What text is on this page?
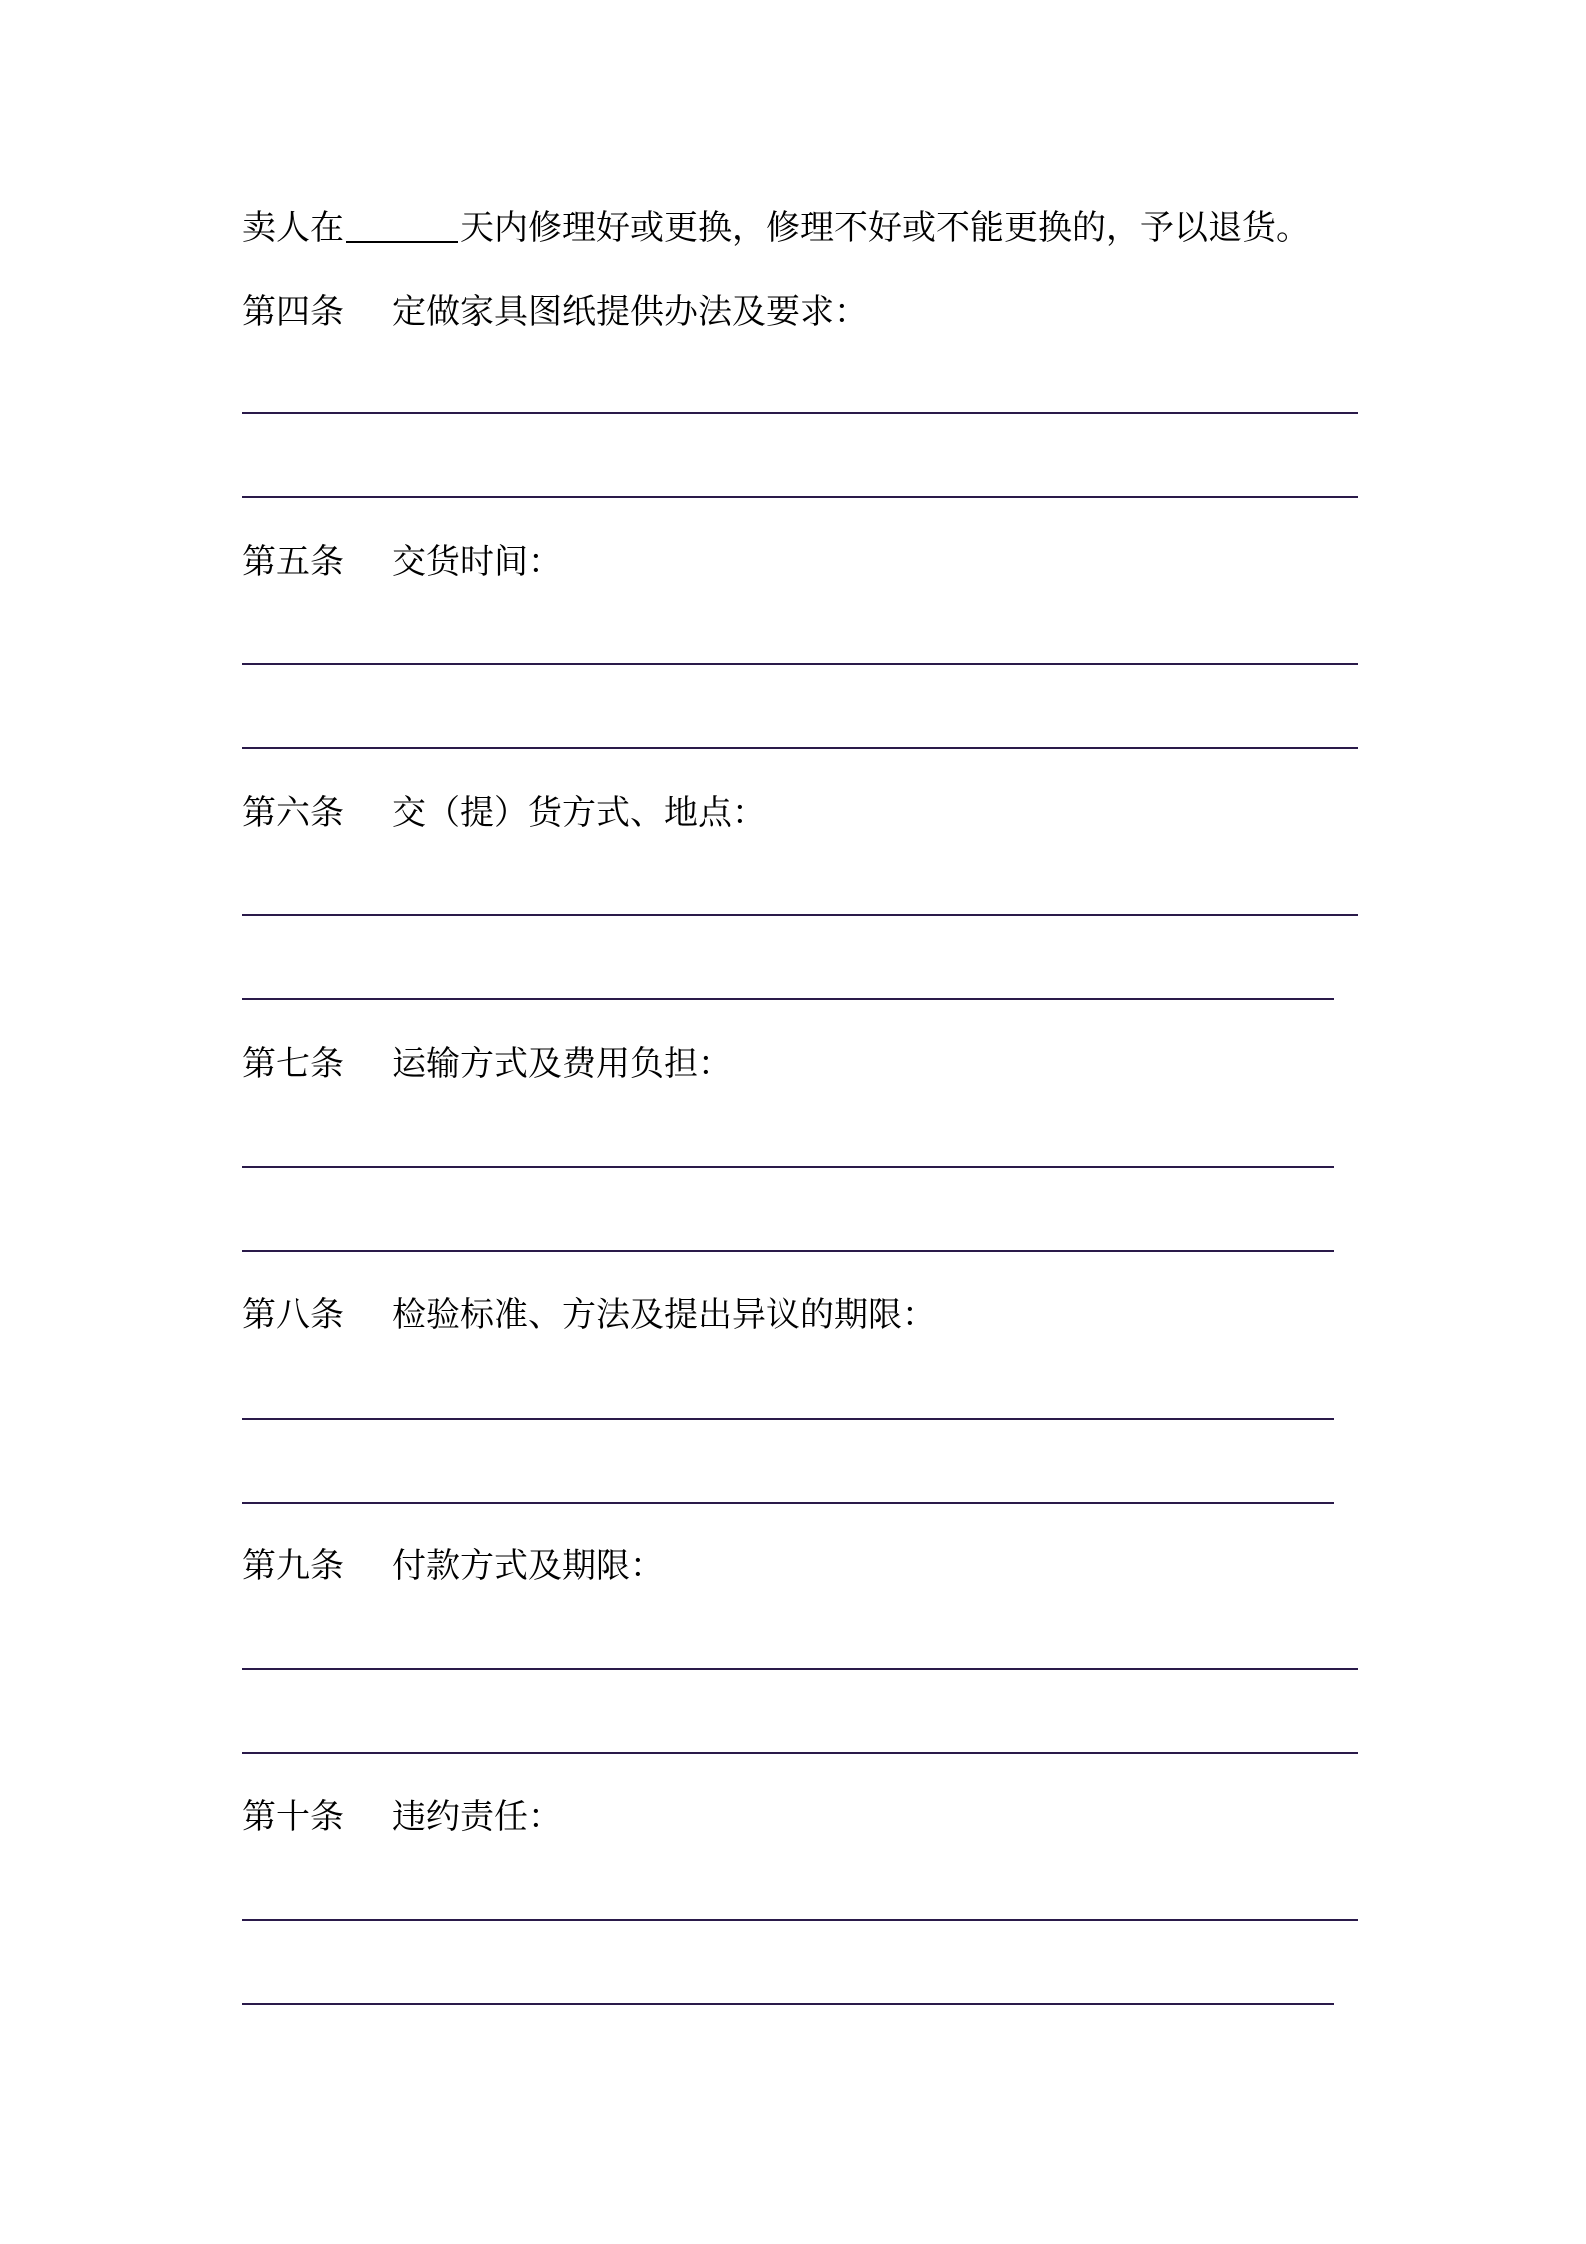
卖人在	天内修理好或更换，修理不好或不能更换的，予以退货。
第四条 定做家具图纸提供办法及要求：
第五条 交货时间：
第六条 交（提）货方式、地点：
第七条 运输方式及费用负担：
第八条 检验标准、方法及提出异议的期限：
第九条 付款方式及期限：
第十条 违约责任：
